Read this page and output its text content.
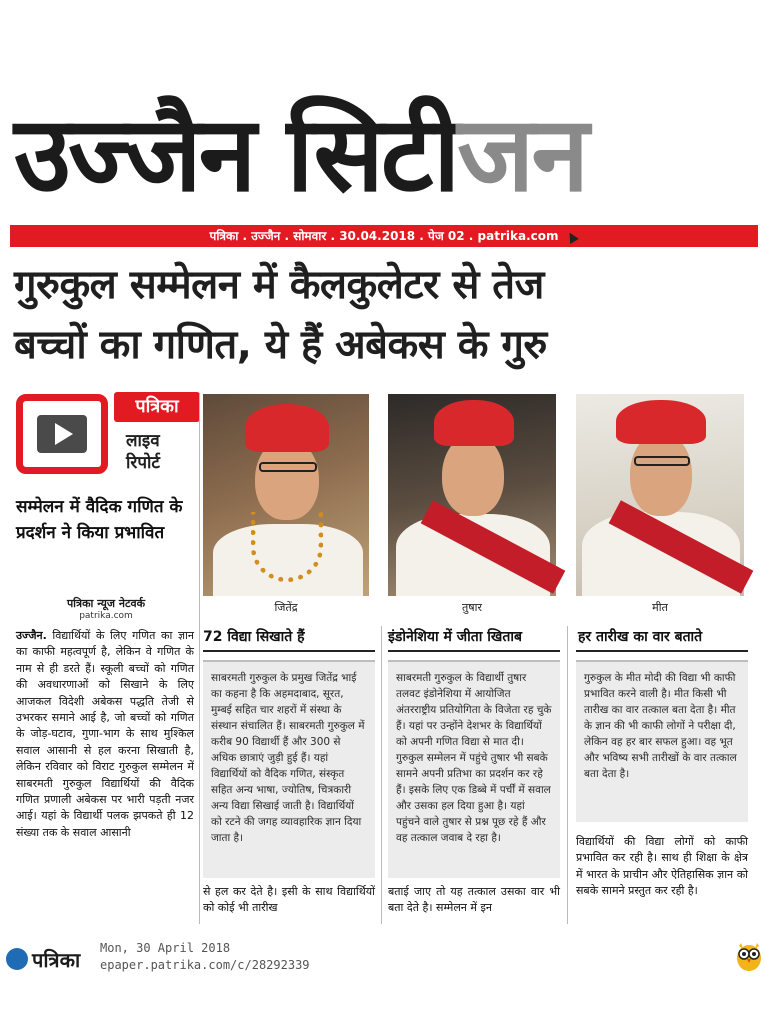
उज्जैन सिटीजन
पत्रिका . उज्जैन . सोमवार . 30.04.2018 . पेज 02 . patrika.com
गुरुकुल सम्मेलन में कैलकुलेटर से तेज
बच्चों का गणित, ये हैं अबेकस के गुरु
पत्रिका
लाइव
रिपोर्ट
सम्मेलन में वैदिक गणित के प्रदर्शन ने किया प्रभावित
पत्रिका न्यूज नेटवर्क
patrika.com
उज्जैन. विद्यार्थियों के लिए गणित का ज्ञान का काफी महत्वपूर्ण है, लेकिन वे गणित के नाम से ही डरते हैं। स्कूली बच्चों को गणित की अवधारणाओं को सिखाने के लिए आजकल विदेशी अबेकस पद्धति तेजी से उभरकर समाने आई है, जो बच्चों को गणित के जोड़-घटाव, गुणा-भाग के साथ मुश्किल सवाल आसानी से हल करना सिखाती है, लेकिन रविवार को विराट गुरुकुल सम्मेलन में साबरमती गुरुकुल विद्यार्थियों की वैदिक गणित प्रणाली अबेकस पर भारी पड़ती नजर आई। यहां के विद्यार्थी पलक झपकते ही 12 संख्या तक के सवाल आसानी
जितेंद्र	तुषार	मीत
72 विद्या सिखाते हैं
साबरमती गुरुकुल के प्रमुख जितेंद्र भाई का कहना है कि अहमदाबाद, सूरत, मुम्बई सहित चार शहरों में संस्था के संस्थान संचालित हैं। साबरमती गुरुकुल में करीब 90 विद्यार्थी हैं और 300 से अधिक छात्राएं जुड़ी हुई हैं। यहां विद्यार्थियों को वैदिक गणित, संस्कृत सहित अन्य भाषा, ज्योतिष, चित्रकारी अन्य विद्या सिखाई जाती है। विद्यार्थियों को रटने की जगह व्यावहारिक ज्ञान दिया जाता है।
से हल कर देते है। इसी के साथ विद्यार्थियों को कोई भी तारीख
इंडोनेशिया में जीता खिताब
साबरमती गुरुकुल के विद्यार्थी तुषार तलवट इंडोनेशिया में आयोजित अंतरराष्ट्रीय प्रतियोगिता के विजेता रह चुके हैं। यहां पर उन्होंने देशभर के विद्यार्थियों को अपनी गणित विद्या से मात दी। गुरुकुल सम्मेलन में पहुंचे तुषार भी सबके सामने अपनी प्रतिभा का प्रदर्शन कर रहे हैं। इसके लिए एक डिब्बे में पर्चीं में सवाल और उसका हल दिया हुआ है। यहां पहुंचने वाले तुषार से प्रश्न पूछ रहे हैं और वह तत्काल जवाब दे रहा है।
बताई जाए तो यह तत्काल उसका वार भी बता देते है। सम्मेलन में इन
हर तारीख का वार बताते
गुरुकुल के मीत मोदी की विद्या भी काफी प्रभावित करने वाली है। मीत किसी भी तारीख का वार तत्काल बता देता है। मीत के ज्ञान की भी काफी लोगों ने परीक्षा दी, लेकिन वह हर बार सफल हुआ। वह भूत और भविष्य सभी तारीखों के वार तत्काल बता देता है।
विद्यार्थियों की विद्या लोगों को काफी प्रभावित कर रही है। साथ ही शिक्षा के क्षेत्र में भारत के प्राचीन और ऐतिहासिक ज्ञान को सबके सामने प्रस्तुत कर रही है।
पत्रिका Mon, 30 April 2018
epaper.patrika.com/c/28292339
